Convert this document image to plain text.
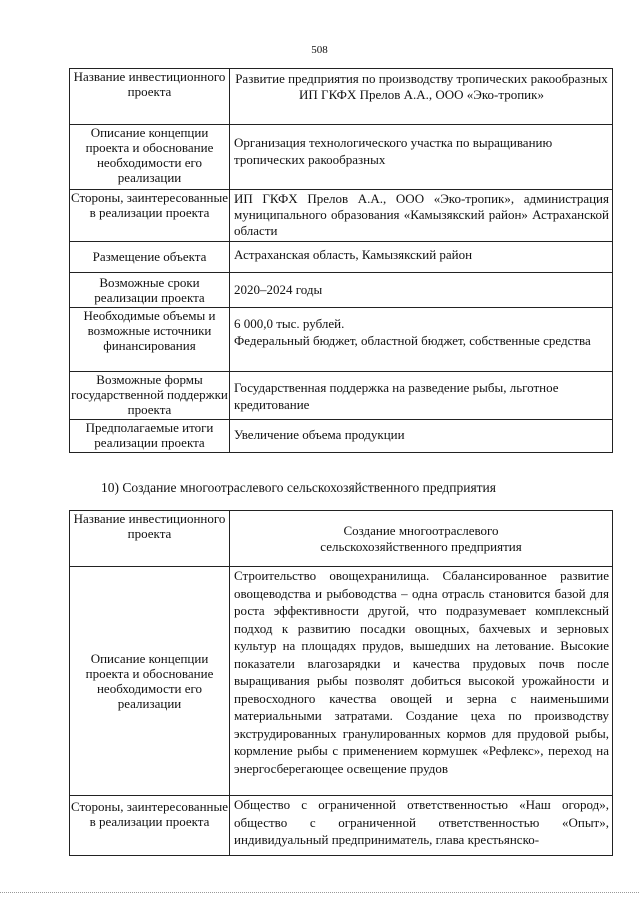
508
Название инвестиционного проекта	Развитие предприятия по производству тропических ракообразных ИП ГКФХ Прелов А.А., ООО «Эко-тропик»
Описание концепции проекта и обоснование необходимости его реализации	Организация технологического участка по выращиванию тропических ракообразных
Стороны, заинтересованные в реализации проекта	ИП ГКФХ Прелов А.А., ООО «Эко-тропик», администрация муниципального образования «Камызякский район» Астраханской области
Размещение объекта	Астраханская область, Камызякский район
Возможные сроки реализации проекта	2020–2024 годы
Необходимые объемы и возможные источники финансирования	6 000,0 тыс. рублей.
Федеральный бюджет, областной бюджет, собственные средства

Возможные формы государственной поддержки проекта	Государственная поддержка на разведение рыбы, льготное кредитование
Предполагаемые итоги реализации проекта	Увеличение объема продукции
10) Создание многоотраслевого сельскохозяйственного предприятия
Название инвестиционного проекта	Создание многоотраслевого сельскохозяйственного предприятия
Описание концепции проекта и обоснование необходимости его реализации	Строительство овощехранилища. Сбалансированное развитие овощеводства и рыбоводства – одна отрасль становится базой для роста эффективности другой, что подразумевает комплексный подход к развитию посадки овощных, бахчевых и зерновых культур на площадях прудов, вышедших на летование. Высокие показатели влагозарядки и качества прудовых почв после выращивания рыбы позволят добиться высокой урожайности и превосходного качества овощей и зерна с наименьшими материальными затратами. Создание цеха по производству экструдированных гранулированных кормов для прудовой рыбы, кормление рыбы с применением кормушек «Рефлекс», переход на энергосберегающее освещение прудов
Стороны, заинтересованные в реализации проекта	Общество с ограниченной ответственностью «Наш огород», общество с ограниченной ответственностью «Опыт», индивидуальный предприниматель, глава крестьянско-
